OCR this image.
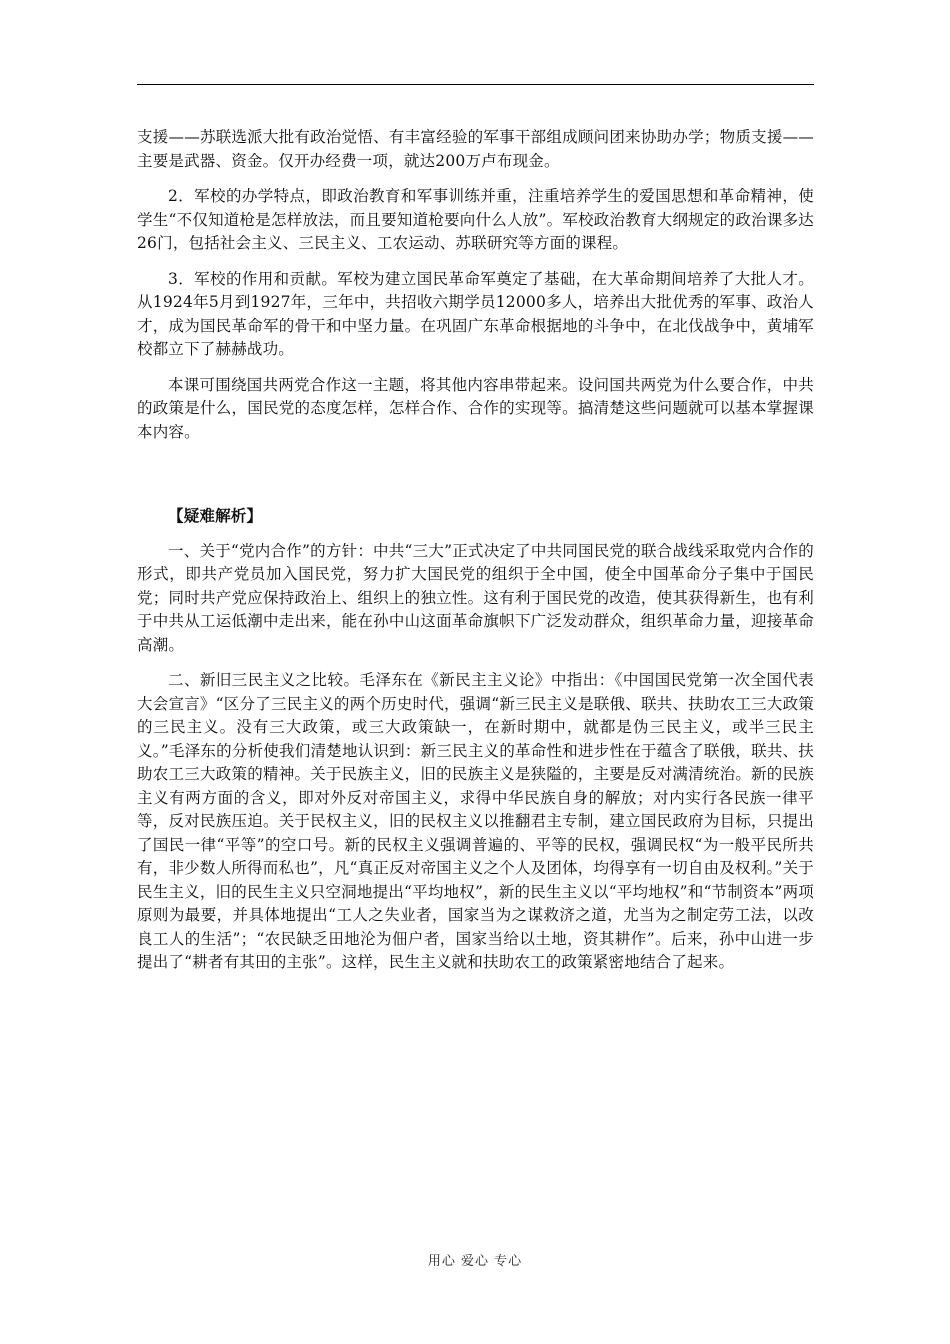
支援——苏联选派大批有政治觉悟、有丰富经验的军事干部组成顾问团来协助办学；物质支援——主要是武器、资金。仅开办经费一项，就达200万卢布现金。

2．军校的办学特点，即政治教育和军事训练并重，注重培养学生的爱国思想和革命精神，使学生“不仅知道枪是怎样放法，而且要知道枪要向什么人放”。军校政治教育大纲规定的政治课多达26门，包括社会主义、三民主义、工农运动、苏联研究等方面的课程。

3．军校的作用和贡献。军校为建立国民革命军奠定了基础，在大革命期间培养了大批人才。从1924年5月到1927年，三年中，共招收六期学员12000多人，培养出大批优秀的军事、政治人才，成为国民革命军的骨干和中坚力量。在巩固广东革命根据地的斗争中，在北伐战争中，黄埔军校都立下了赫赫战功。

本课可围绕国共两党合作这一主题，将其他内容串带起来。设问国共两党为什么要合作，中共的政策是什么，国民党的态度怎样，怎样合作、合作的实现等。搞清楚这些问题就可以基本掌握课本内容。

【疑难解析】

一、关于“党内合作”的方针：中共“三大”正式决定了中共同国民党的联合战线采取党内合作的形式，即共产党员加入国民党，努力扩大国民党的组织于全中国，使全中国革命分子集中于国民党；同时共产党应保持政治上、组织上的独立性。这有利于国民党的改造，使其获得新生，也有利于中共从工运低潮中走出来，能在孙中山这面革命旗帜下广泛发动群众，组织革命力量，迎接革命高潮。

二、新旧三民主义之比较。毛泽东在《新民主主义论》中指出：《中国国民党第一次全国代表大会宣言》“区分了三民主义的两个历史时代，强调“新三民主义是联俄、联共、扶助农工三大政策的三民主义。没有三大政策，或三大政策缺一，在新时期中，就都是伪三民主义，或半三民主义。”毛泽东的分析使我们清楚地认识到：新三民主义的革命性和进步性在于蕴含了联俄，联共、扶助农工三大政策的精神。关于民族主义，旧的民族主义是狭隘的，主要是反对满清统治。新的民族主义有两方面的含义，即对外反对帝国主义，求得中华民族自身的解放；对内实行各民族一律平等，反对民族压迫。关于民权主义，旧的民权主义以推翻君主专制，建立国民政府为目标，只提出了国民一律“平等”的空口号。新的民权主义强调普遍的、平等的民权，强调民权“为一般平民所共有，非少数人所得而私也”，凡“真正反对帝国主义之个人及团体，均得享有一切自由及权利。”关于民生主义，旧的民生主义只空洞地提出“平均地权”，新的民生主义以“平均地权”和“节制资本”两项原则为最要，并具体地提出“工人之失业者，国家当为之谋救济之道，尤当为之制定劳工法，以改良工人的生活”；“农民缺乏田地沦为佃户者，国家当给以土地，资其耕作”。后来，孙中山进一步提出了“耕者有其田的主张”。这样，民生主义就和扶助农工的政策紧密地结合了起来。

用心 爱心 专心
